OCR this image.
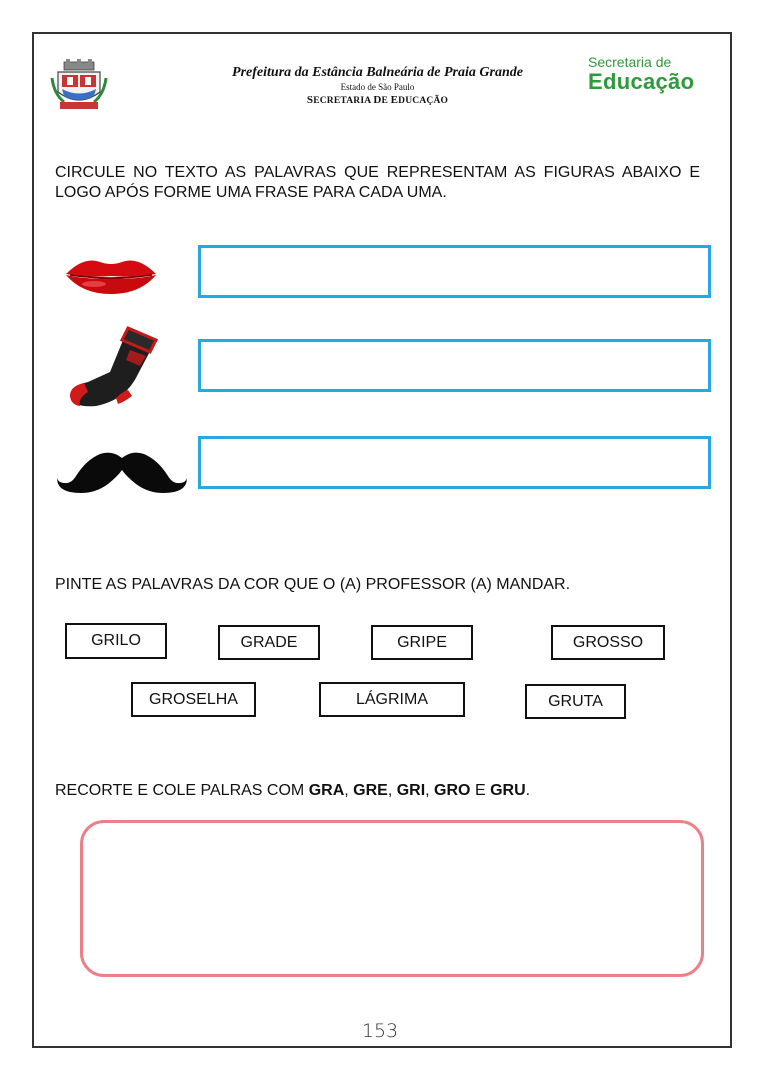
Prefeitura da Estância Balneária de Praia Grande
Estado de São Paulo
SECRETARIA DE EDUCAÇÃO
Secretaria de
Educação
CIRCULE NO TEXTO AS PALAVRAS QUE REPRESENTAM AS FIGURAS ABAIXO E LOGO APÓS FORME UMA FRASE PARA CADA UMA.
PINTE AS PALAVRAS DA COR QUE O (A) PROFESSOR (A) MANDAR.
GRILO	GRADE	GRIPE	GROSSO
GROSELHA	LÁGRIMA	GRUTA
RECORTE E COLE PALRAS COM GRA, GRE, GRI, GRO E GRU.
153
